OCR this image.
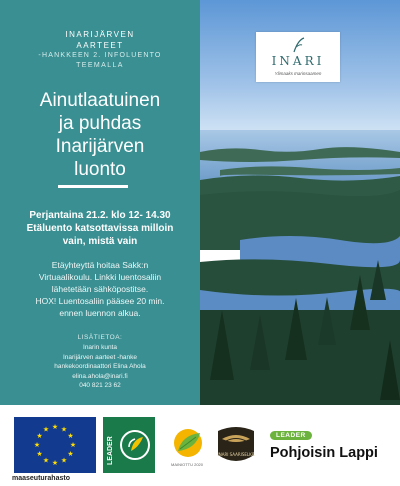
INARIJÄRVEN
AARTEET
-HANKKEEN 2. INFOLUENTO
TEEMALLA
Ainutlaatuinen
ja puhdas
Inarijärven
luonto
Perjantaina 21.2. klo 12- 14.30
Etäluento katsottavissa milloin
vain, mistä vain
Etäyhteyttä hoitaa Sakk:n
Virtuaalikoulu. Linkki luentosaliin
lähetetään sähköpostitse.
HOX! Luentosaliin pääsee 20 min.
ennen luennon alkua.
LISÄTIETOA:
Inarin kunta
Inarijärven aarteet -hanke
hankekoordinaattori Elina Ahola
elina.ahola@inari.fi
040 821 23 62
INARI
Ylimaaks Inarinsaamen
★ ★
★
★
★
★
★
★
★
★
★
★
maaseuturahasto
LEADER	MAINIOTTU 2020
INARI SAARISELKÄ
LEADER
Pohjoisin Lappi
